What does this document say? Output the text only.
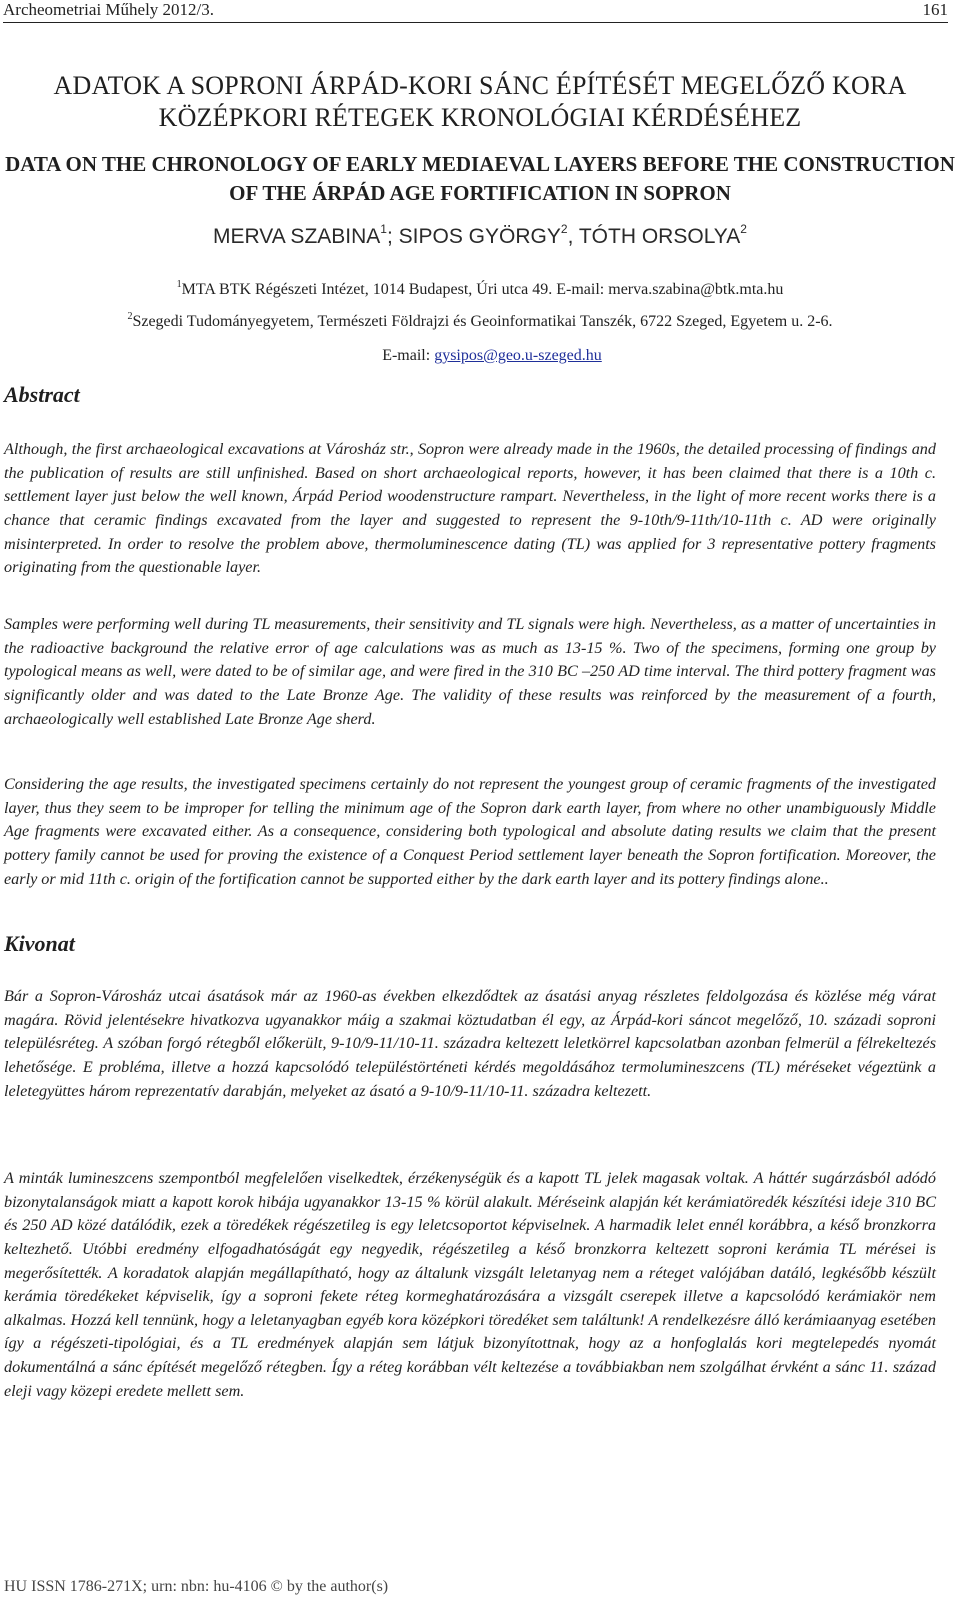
Archeometriai Műhely 2012/3.	161
ADATOK A SOPRONI ÁRPÁD-KORI SÁNC ÉPÍTÉSÉT MEGELŐZŐ KORA KÖZÉPKORI RÉTEGEK KRONOLÓGIAI KÉRDÉSÉHEZ
DATA ON THE CHRONOLOGY OF EARLY MEDIAEVAL LAYERS BEFORE THE CONSTRUCTION OF THE ÁRPÁD AGE FORTIFICATION IN SOPRON
MERVA SZABINA$^1$; SIPOS GYÖRGY$^2$, TÓTH ORSOLYA$^2$
$^1$MTA BTK Régészeti Intézet, 1014 Budapest, Úri utca 49. E-mail: merva.szabina@btk.mta.hu
$^2$Szegedi Tudományegyetem, Természeti Földrajzi és Geoinformatikai Tanszék, 6722 Szeged, Egyetem u. 2-6.
E-mail: gysipos@geo.u-szeged.hu
Abstract

Although, the first archaeological excavations at Városház str., Sopron were already made in the 1960s, the detailed processing of findings and the publication of results are still unfinished. Based on short archaeological reports, however, it has been claimed that there is a 10th c. settlement layer just below the well known, Árpád Period woodenstructure rampart. Nevertheless, in the light of more recent works there is a chance that ceramic findings excavated from the layer and suggested to represent the 9-10th/9-11th/10-11th c. AD were originally misinterpreted. In order to resolve the problem above, thermoluminescence dating (TL) was applied for 3 representative pottery fragments originating from the questionable layer.

Samples were performing well during TL measurements, their sensitivity and TL signals were high. Nevertheless, as a matter of uncertainties in the radioactive background the relative error of age calculations was as much as 13-15 %. Two of the specimens, forming one group by typological means as well, were dated to be of similar age, and were fired in the 310 BC –250 AD time interval. The third pottery fragment was significantly older and was dated to the Late Bronze Age. The validity of these results was reinforced by the measurement of a fourth, archaeologically well established Late Bronze Age sherd.

Considering the age results, the investigated specimens certainly do not represent the youngest group of ceramic fragments of the investigated layer, thus they seem to be improper for telling the minimum age of the Sopron dark earth layer, from where no other unambiguously Middle Age fragments were excavated either. As a consequence, considering both typological and absolute dating results we claim that the present pottery family cannot be used for proving the existence of a Conquest Period settlement layer beneath the Sopron fortification. Moreover, the early or mid 11th c. origin of the fortification cannot be supported either by the dark earth layer and its pottery findings alone..

Kivonat

Bár a Sopron-Városház utcai ásatások már az 1960-as években elkezdődtek az ásatási anyag részletes feldolgozása és közlése még várat magára. Rövid jelentésekre hivatkozva ugyanakkor máig a szakmai köztudatban él egy, az Árpád-kori sáncot megelőző, 10. századi soproni településréteg. A szóban forgó rétegből előkerült, 9-10/9-11/10-11. századra keltezett leletkörrel kapcsolatban azonban felmerül a félrekeltezés lehetősége. E probléma, illetve a hozzá kapcsolódó településtörténeti kérdés megoldásához termolumineszcens (TL) méréseket végeztünk a leletegyüttes három reprezentatív darabján, melyeket az ásató a 9-10/9-11/10-11. századra keltezett.

A minták lumineszcens szempontból megfelelően viselkedtek, érzékenységük és a kapott TL jelek magasak voltak. A háttér sugárzásból adódó bizonytalanságok miatt a kapott korok hibája ugyanakkor 13-15 % körül alakult. Méréseink alapján két kerámiatöredék készítési ideje 310 BC és 250 AD közé datálódik, ezek a töredékek régészetileg is egy leletcsoportot képviselnek. A harmadik lelet ennél korábbra, a késő bronzkorra keltezhető. Utóbbi eredmény elfogadhatóságát egy negyedik, régészetileg a késő bronzkorra keltezett soproni kerámia TL mérései is megerősítették. A koradatok alapján megállapítható, hogy az általunk vizsgált leletanyag nem a réteget valójában datáló, legkésőbb készült kerámia töredékeket képviselik, így a soproni fekete réteg kormeghatározására a vizsgált cserepek illetve a kapcsolódó kerámiakör nem alkalmas. Hozzá kell tennünk, hogy a leletanyagban egyéb kora középkori töredéket sem találtunk! A rendelkezésre álló kerámiaanyag esetében így a régészeti-tipológiai, és a TL eredmények alapján sem látjuk bizonyítottnak, hogy az a honfoglalás kori megtelepedés nyomát dokumentálná a sánc építését megelőző rétegben. Így a réteg korábban vélt keltezése a továbbiakban nem szolgálhat érvként a sánc 11. század eleji vagy közepi eredete mellett sem.

HU ISSN 1786-271X; urn: nbn: hu-4106 © by the author(s)
